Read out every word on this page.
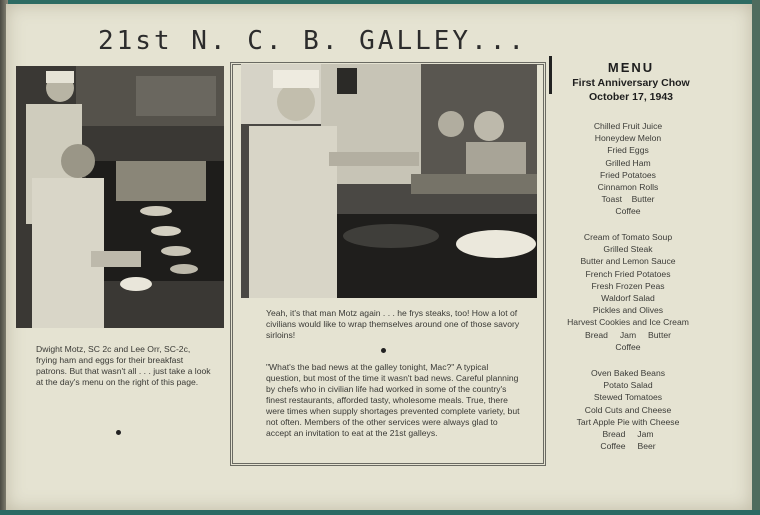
21st N. C. B. GALLEY...
Dwight Motz, SC 2c and Lee Orr, SC-2c, frying ham and eggs for their breakfast patrons. But that wasn't all . . . just take a look at the day's menu on the right of this page.
Yeah, it's that man Motz again . . . he frys steaks, too! How a lot of civilians would like to wrap themselves around one of those savory sirloins!
"What's the bad news at the galley tonight, Mac?" A typical question, but most of the time it wasn't bad news. Careful planning by chefs who in civilian life had worked in some of the country's finest restaurants, afforded tasty, wholesome meals. True, there were times when supply shortages prevented complete variety, but not often. Members of the other services were always glad to accept an invitation to eat at the 21st galleys.
MENU
First Anniversary Chow
October 17, 1943
Chilled Fruit Juice
Honeydew Melon
Fried Eggs
Grilled Ham
Fried Potatoes
Cinnamon Rolls
Toast    Butter
Coffee
Cream of Tomato Soup
Grilled Steak
Butter and Lemon Sauce
French Fried Potatoes
Fresh Frozen Peas
Waldorf Salad
Pickles and Olives
Harvest Cookies and Ice Cream
Bread     Jam     Butter
Coffee
Oven Baked Beans
Potato Salad
Stewed Tomatoes
Cold Cuts and Cheese
Tart Apple Pie with Cheese
Bread     Jam
Coffee     Beer
